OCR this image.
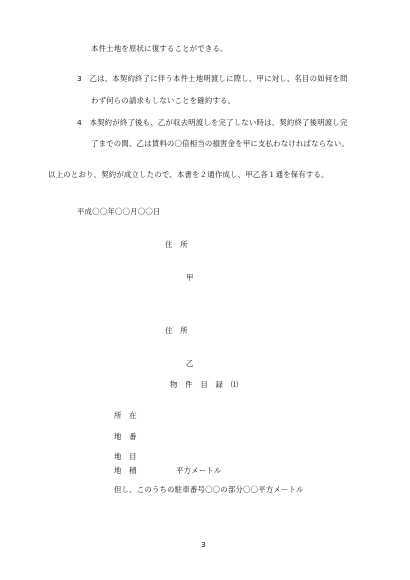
本件土地を原状に復することができる。
3　乙は、本契約終了に伴う本件土地明渡しに際し、甲に対し、名目の如何を問
わず何らの請求もしないことを確約する。
4　本契約が終了後も、乙が収去明渡しを完了しない時は、契約終了後明渡し完
了までの間、乙は賃料の〇倍相当の損害金を甲に支払わなければならない。
以上のとおり、契約が成立したので、本書を２通作成し、甲乙各１通を保有する。
平成〇〇年〇〇月〇〇日
住　所
甲
住　所
乙
物　件　目　録　⑴
所　在
地　番
地　目
地　積	平方メートル
但し、このうちの駐車番号〇〇の部分〇〇平方メートル
3
